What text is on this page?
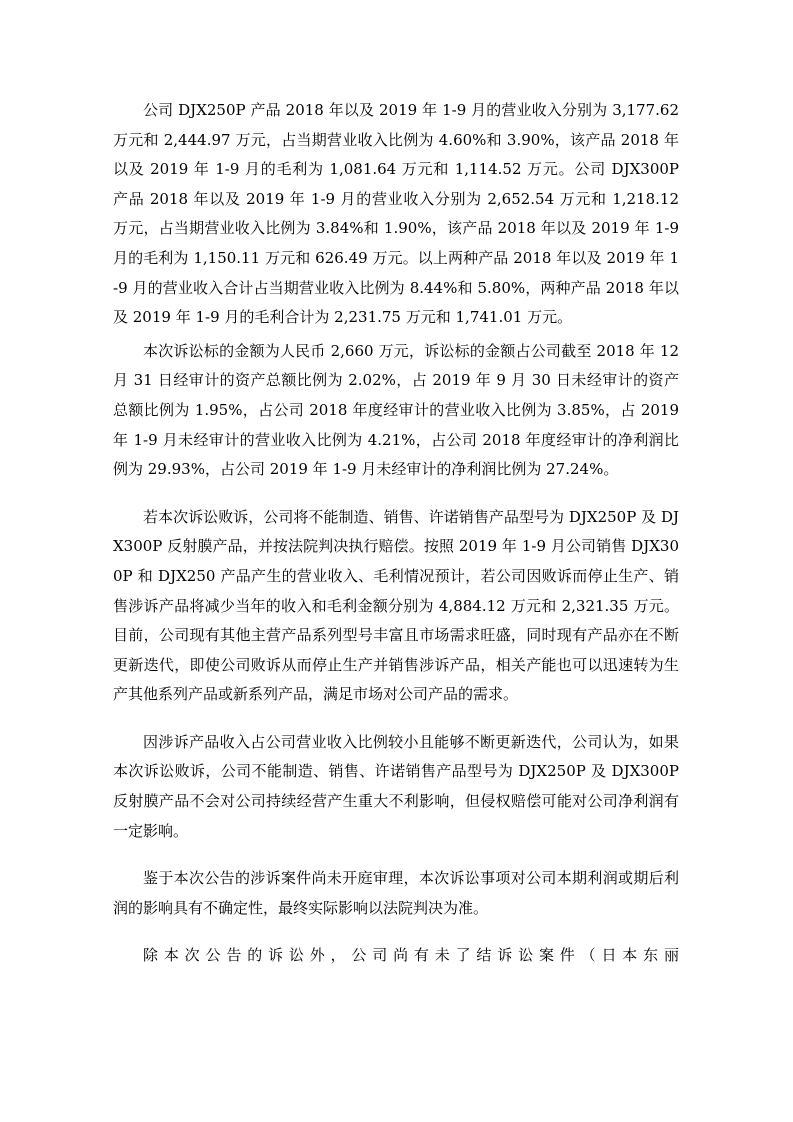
公司 DJX250P 产品 2018 年以及 2019 年 1-9 月的营业收入分别为 3,177.62 万元和 2,444.97 万元，占当期营业收入比例为 4.60%和 3.90%，该产品 2018 年以及 2019 年 1-9 月的毛利为 1,081.64 万元和 1,114.52 万元。公司 DJX300P 产品 2018 年以及 2019 年 1-9 月的营业收入分别为 2,652.54 万元和 1,218.12 万元，占当期营业收入比例为 3.84%和 1.90%，该产品 2018 年以及 2019 年 1-9 月的毛利为 1,150.11 万元和 626.49 万元。以上两种产品 2018 年以及 2019 年 1-9 月的营业收入合计占当期营业收入比例为 8.44%和 5.80%，两种产品 2018 年以及 2019 年 1-9 月的毛利合计为 2,231.75 万元和 1,741.01 万元。

本次诉讼标的金额为人民币 2,660 万元，诉讼标的金额占公司截至 2018 年 12 月 31 日经审计的资产总额比例为 2.02%，占 2019 年 9 月 30 日未经审计的资产总额比例为 1.95%，占公司 2018 年度经审计的营业收入比例为 3.85%，占 2019 年 1-9 月未经审计的营业收入比例为 4.21%，占公司 2018 年度经审计的净利润比例为 29.93%，占公司 2019 年 1-9 月未经审计的净利润比例为 27.24%。

若本次诉讼败诉，公司将不能制造、销售、许诺销售产品型号为 DJX250P 及 DJX300P 反射膜产品，并按法院判决执行赔偿。按照 2019 年 1-9 月公司销售 DJX300P 和 DJX250 产品产生的营业收入、毛利情况预计，若公司因败诉而停止生产、销售涉诉产品将减少当年的收入和毛利金额分别为 4,884.12 万元和 2,321.35 万元。目前，公司现有其他主营产品系列型号丰富且市场需求旺盛，同时现有产品亦在不断更新迭代，即使公司败诉从而停止生产并销售涉诉产品，相关产能也可以迅速转为生产其他系列产品或新系列产品，满足市场对公司产品的需求。

因涉诉产品收入占公司营业收入比例较小且能够不断更新迭代，公司认为，如果本次诉讼败诉，公司不能制造、销售、许诺销售产品型号为 DJX250P 及 DJX300P 反射膜产品不会对公司持续经营产生重大不利影响，但侵权赔偿可能对公司净利润有一定影响。

鉴于本次公告的涉诉案件尚未开庭审理，本次诉讼事项对公司本期利润或期后利润的影响具有不确定性，最终实际影响以法院判决为准。

除本次公告的诉讼外，公司尚有未了结诉讼案件（日本东丽
